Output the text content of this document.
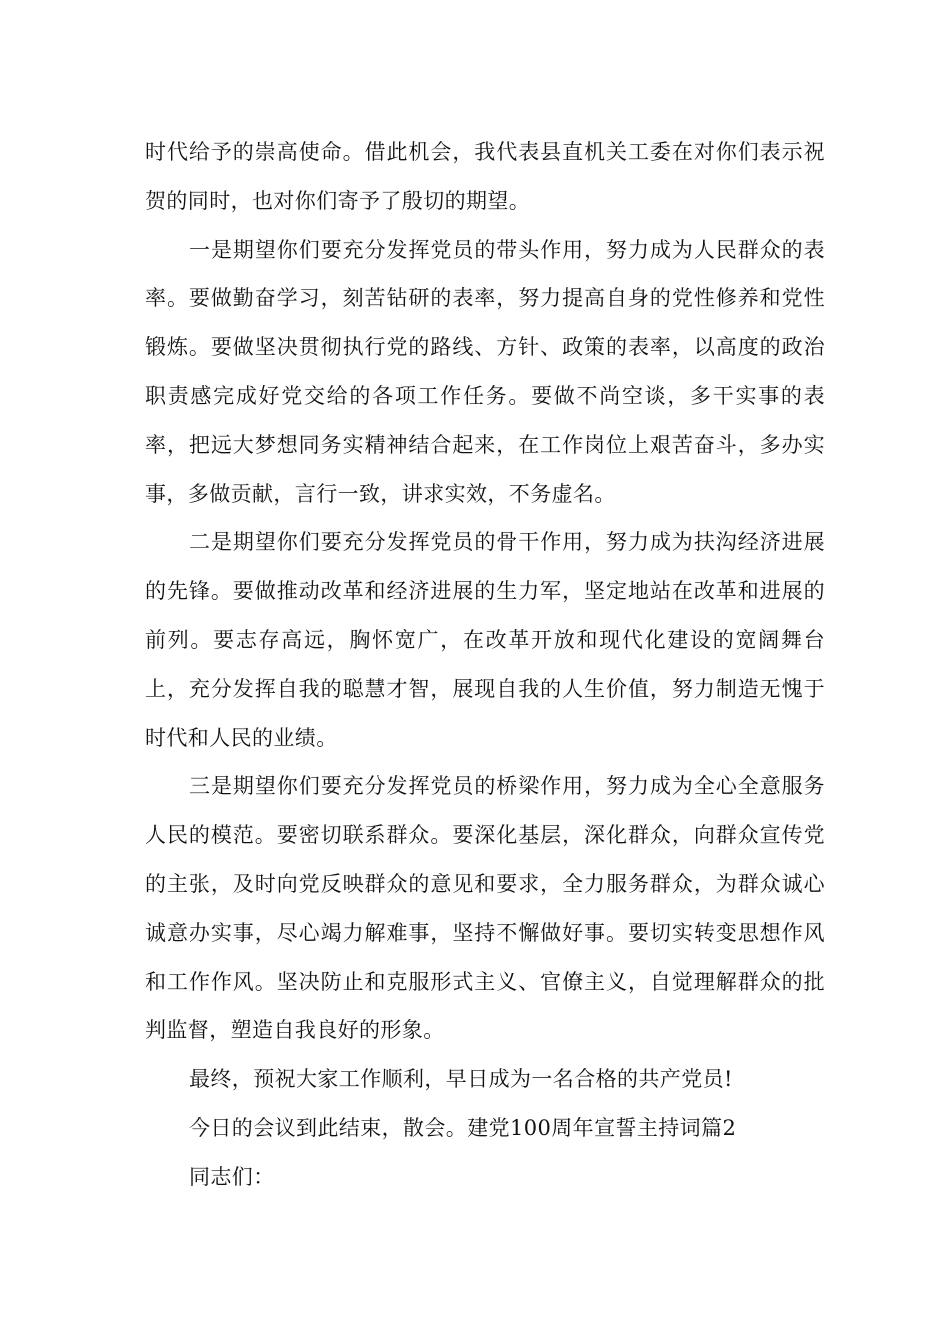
时代给予的崇高使命。借此机会，我代表县直机关工委在对你们表示祝贺的同时，也对你们寄予了殷切的期望。

一是期望你们要充分发挥党员的带头作用，努力成为人民群众的表率。要做勤奋学习，刻苦钻研的表率，努力提高自身的党性修养和党性锻炼。要做坚决贯彻执行党的路线、方针、政策的表率，以高度的政治职责感完成好党交给的各项工作任务。要做不尚空谈，多干实事的表率，把远大梦想同务实精神结合起来，在工作岗位上艰苦奋斗，多办实事，多做贡献，言行一致，讲求实效，不务虚名。

二是期望你们要充分发挥党员的骨干作用，努力成为扶沟经济进展的先锋。要做推动改革和经济进展的生力军，坚定地站在改革和进展的前列。要志存高远，胸怀宽广，在改革开放和现代化建设的宽阔舞台上，充分发挥自我的聪慧才智，展现自我的人生价值，努力制造无愧于时代和人民的业绩。

三是期望你们要充分发挥党员的桥梁作用，努力成为全心全意服务人民的模范。要密切联系群众。要深化基层，深化群众，向群众宣传党的主张，及时向党反映群众的意见和要求，全力服务群众，为群众诚心诚意办实事，尽心竭力解难事，坚持不懈做好事。要切实转变思想作风和工作作风。坚决防止和克服形式主义、官僚主义，自觉理解群众的批判监督，塑造自我良好的形象。

最终，预祝大家工作顺利，早日成为一名合格的共产党员!

今日的会议到此结束，散会。建党100周年宣誓主持词篇2

同志们：
